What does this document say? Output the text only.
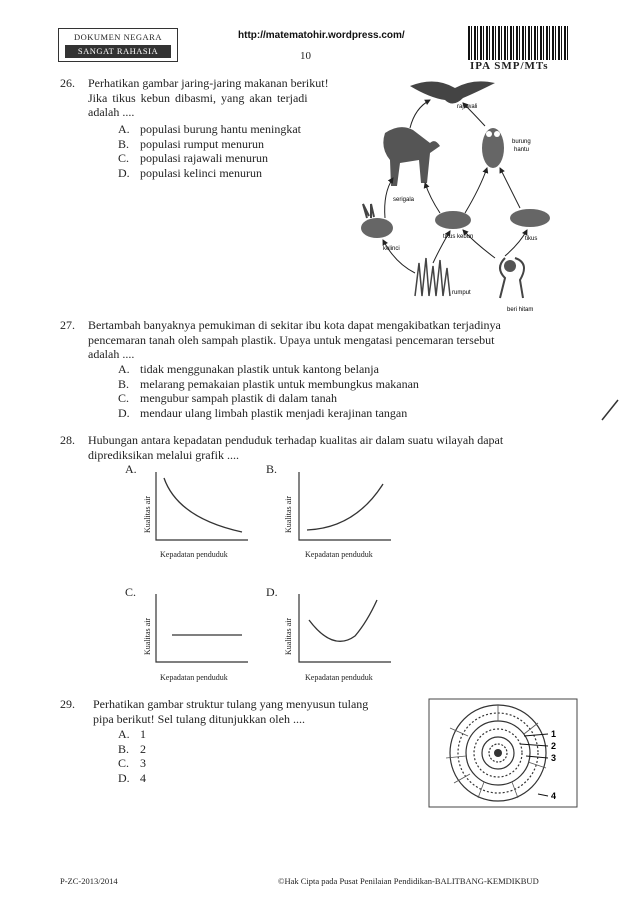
DOKUMEN NEGARA
SANGAT RAHASIA
http://matematohir.wordpress.com/
10
IPA SMP/MTs
26. Perhatikan gambar jaring-jaring makanan berikut!
Jika tikus kebun dibasmi, yang akan terjadi
adalah ....
A. populasi burung hantu meningkat
B. populasi rumput menurun
C. populasi rajawali menurun
D. populasi kelinci menurun
rajawali
serigala
burung
hantu
kelinci
tikus kebun	tikus
rumput
beri hitam
27. Bertambah banyaknya pemukiman di sekitar ibu kota dapat mengakibatkan terjadinya
pencemaran tanah oleh sampah plastik. Upaya untuk mengatasi pencemaran tersebut
adalah ....
A. tidak menggunakan plastik untuk kantong belanja
B. melarang pemakaian plastik untuk membungkus makanan
C. mengubur sampah plastik di dalam tanah
D. mendaur ulang limbah plastik menjadi kerajinan tangan
28. Hubungan antara kepadatan penduduk terhadap kualitas air dalam suatu wilayah dapat
diprediksikan melalui grafik ....
A.
Kualitas air
Kepadatan penduduk
B.
Kualitas air
Kepadatan penduduk
C.
Kualitas air
Kepadatan penduduk
D.
Kualitas air
Kepadatan penduduk
29. Perhatikan gambar struktur tulang yang menyusun tulang
pipa berikut! Sel tulang ditunjukkan oleh ....
A. 1
B. 2
C. 3
D. 4
1
2
3
4
P-ZC-2013/2014	©Hak Cipta pada Pusat Penilaian Pendidikan-BALITBANG-KEMDIKBUD
